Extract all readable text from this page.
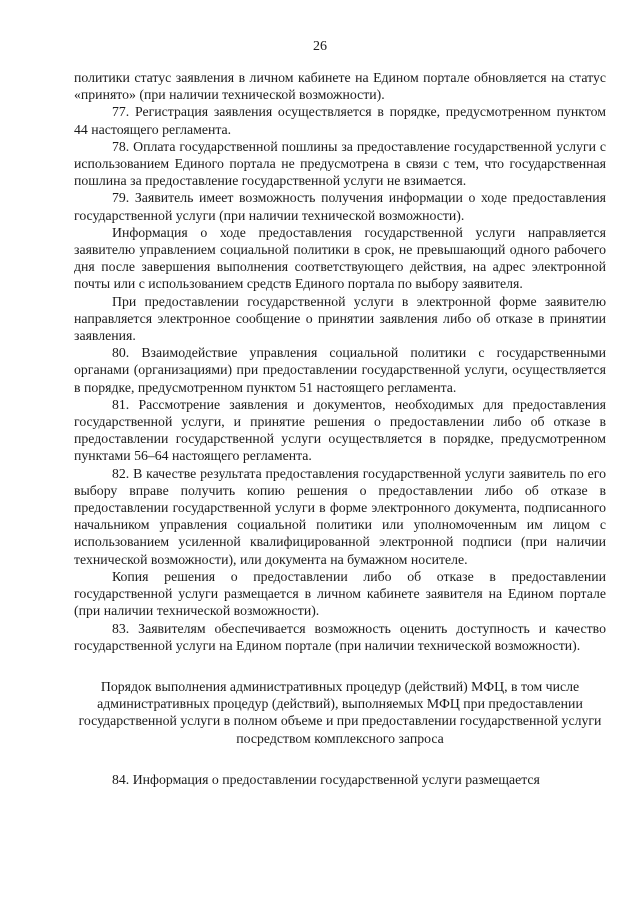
26

политики статус заявления в личном кабинете на Едином портале обновляется на статус «принято» (при наличии технической возможности).

77. Регистрация заявления осуществляется в порядке, предусмотренном пунктом 44 настоящего регламента.

78. Оплата государственной пошлины за предоставление государственной услуги с использованием Единого портала не предусмотрена в связи с тем, что государственная пошлина за предоставление государственной услуги не взимается.

79. Заявитель имеет возможность получения информации о ходе предоставления государственной услуги (при наличии технической возможности).

Информация о ходе предоставления государственной услуги направляется заявителю управлением социальной политики в срок, не превышающий одного рабочего дня после завершения выполнения соответствующего действия, на адрес электронной почты или с использованием средств Единого портала по выбору заявителя.

При предоставлении государственной услуги в электронной форме заявителю направляется электронное сообщение о принятии заявления либо об отказе в принятии заявления.

80. Взаимодействие управления социальной политики с государственными органами (организациями) при предоставлении государственной услуги, осуществляется в порядке, предусмотренном пунктом 51 настоящего регламента.

81. Рассмотрение заявления и документов, необходимых для предоставления государственной услуги, и принятие решения о предоставлении либо об отказе в предоставлении государственной услуги осуществляется в порядке, предусмотренном пунктами 56–64 настоящего регламента.

82. В качестве результата предоставления государственной услуги заявитель по его выбору вправе получить копию решения о предоставлении либо об отказе в предоставлении государственной услуги в форме электронного документа, подписанного начальником управления социальной политики или уполномоченным им лицом с использованием усиленной квалифицированной электронной подписи (при наличии технической возможности), или документа на бумажном носителе.

Копия решения о предоставлении либо об отказе в предоставлении государственной услуги размещается в личном кабинете заявителя на Едином портале (при наличии технической возможности).

83. Заявителям обеспечивается возможность оценить доступность и качество государственной услуги на Едином портале (при наличии технической возможности).

Порядок выполнения административных процедур (действий) МФЦ, в том числе административных процедур (действий), выполняемых МФЦ при предоставлении государственной услуги в полном объеме и при предоставлении государственной услуги посредством комплексного запроса

84. Информация о предоставлении государственной услуги размещается
